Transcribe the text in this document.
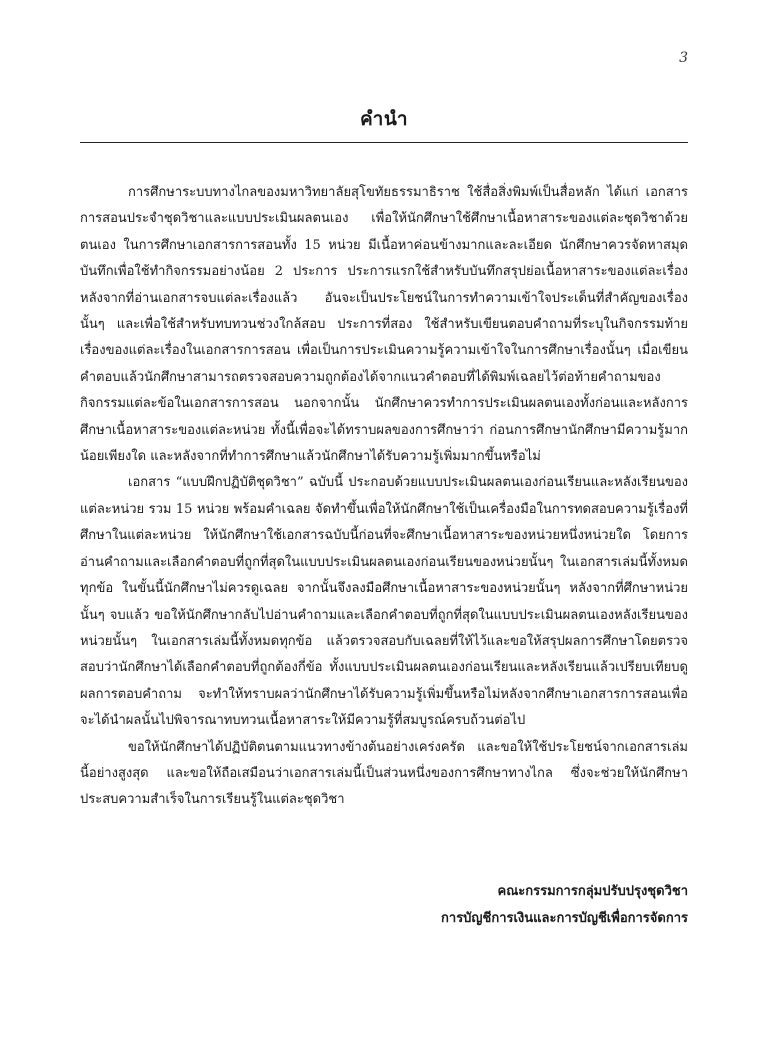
3
คำนำ

การศึกษาระบบทางไกลของมหาวิทยาลัยสุโขทัยธรรมาธิราช ใช้สื่อสิ่งพิมพ์เป็นสื่อหลัก ได้แก่ เอกสารการสอนประจำชุดวิชาและแบบประเมินผลตนเอง เพื่อให้นักศึกษาใช้ศึกษาเนื้อหาสาระของแต่ละชุดวิชาด้วยตนเอง ในการศึกษาเอกสารการสอนทั้ง 15 หน่วย มีเนื้อหาค่อนข้างมากและละเอียด นักศึกษาควรจัดหาสมุดบันทึกเพื่อใช้ทำกิจกรรมอย่างน้อย 2 ประการ ประการแรกใช้สำหรับบันทึกสรุปย่อเนื้อหาสาระของแต่ละเรื่อง หลังจากที่อ่านเอกสารจบแต่ละเรื่องแล้ว อันจะเป็นประโยชน์ในการทำความเข้าใจประเด็นที่สำคัญของเรื่องนั้นๆ และเพื่อใช้สำหรับทบทวนช่วงใกล้สอบ ประการที่สอง ใช้สำหรับเขียนตอบคำถามที่ระบุในกิจกรรมท้ายเรื่องของแต่ละเรื่องในเอกสารการสอน เพื่อเป็นการประเมินความรู้ความเข้าใจในการศึกษาเรื่องนั้นๆ เมื่อเขียนคำตอบแล้วนักศึกษาสามารถตรวจสอบความถูกต้องได้จากแนวคำตอบที่ได้พิมพ์เฉลยไว้ต่อท้ายคำถามของกิจกรรมแต่ละข้อในเอกสารการสอน นอกจากนั้น นักศึกษาควรทำการประเมินผลตนเองทั้งก่อนและหลังการศึกษาเนื้อหาสาระของแต่ละหน่วย ทั้งนี้เพื่อจะได้ทราบผลของการศึกษาว่า ก่อนการศึกษานักศึกษามีความรู้มากน้อยเพียงใด และหลังจากที่ทำการศึกษาแล้วนักศึกษาได้รับความรู้เพิ่มมากขึ้นหรือไม่

เอกสาร “แบบฝึกปฏิบัติชุดวิชา” ฉบับนี้ ประกอบด้วยแบบประเมินผลตนเองก่อนเรียนและหลังเรียนของแต่ละหน่วย รวม 15 หน่วย พร้อมคำเฉลย จัดทำขึ้นเพื่อให้นักศึกษาใช้เป็นเครื่องมือในการทดสอบความรู้เรื่องที่ศึกษาในแต่ละหน่วย ให้นักศึกษาใช้เอกสารฉบับนี้ก่อนที่จะศึกษาเนื้อหาสาระของหน่วยหนึ่งหน่วยใด โดยการอ่านคำถามและเลือกคำตอบที่ถูกที่สุดในแบบประเมินผลตนเองก่อนเรียนของหน่วยนั้นๆ ในเอกสารเล่มนี้ทั้งหมดทุกข้อ ในขั้นนี้นักศึกษาไม่ควรดูเฉลย จากนั้นจึงลงมือศึกษาเนื้อหาสาระของหน่วยนั้นๆ หลังจากที่ศึกษาหน่วยนั้นๆ จบแล้ว ขอให้นักศึกษากลับไปอ่านคำถามและเลือกคำตอบที่ถูกที่สุดในแบบประเมินผลตนเองหลังเรียนของหน่วยนั้นๆ ในเอกสารเล่มนี้ทั้งหมดทุกข้อ แล้วตรวจสอบกับเฉลยที่ให้ไว้และขอให้สรุปผลการศึกษาโดยตรวจสอบว่านักศึกษาได้เลือกคำตอบที่ถูกต้องกี่ข้อ ทั้งแบบประเมินผลตนเองก่อนเรียนและหลังเรียนแล้วเปรียบเทียบดูผลการตอบคำถาม จะทำให้ทราบผลว่านักศึกษาได้รับความรู้เพิ่มขึ้นหรือไม่หลังจากศึกษาเอกสารการสอนเพื่อจะได้นำผลนั้นไปพิจารณาทบทวนเนื้อหาสาระให้มีความรู้ที่สมบูรณ์ครบถ้วนต่อไป

ขอให้นักศึกษาได้ปฏิบัติตนตามแนวทางข้างต้นอย่างเคร่งครัด และขอให้ใช้ประโยชน์จากเอกสารเล่มนี้อย่างสูงสุด และขอให้ถือเสมือนว่าเอกสารเล่มนี้เป็นส่วนหนึ่งของการศึกษาทางไกล ซึ่งจะช่วยให้นักศึกษาประสบความสำเร็จในการเรียนรู้ในแต่ละชุดวิชา

คณะกรรมการกลุ่มปรับปรุงชุดวิชา
การบัญชีการเงินและการบัญชีเพื่อการจัดการ
